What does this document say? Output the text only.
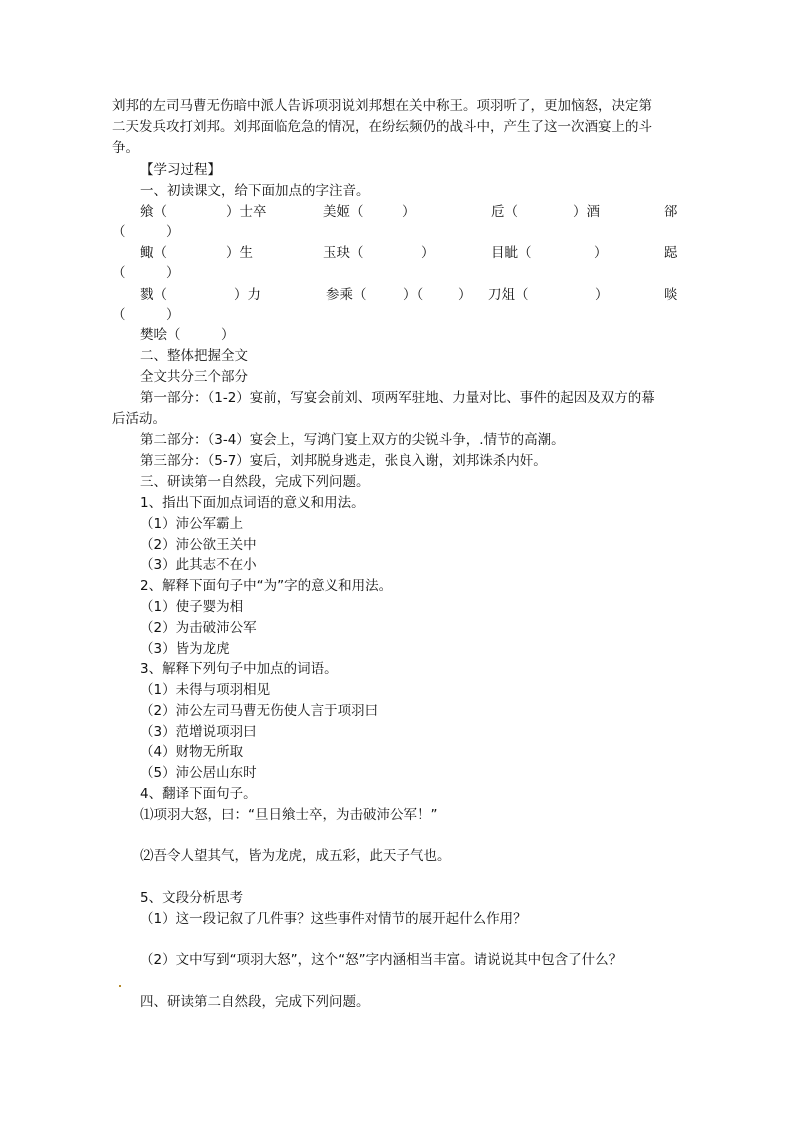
刘邦的左司马曹无伤暗中派人告诉项羽说刘邦想在关中称王。项羽听了，更加恼怒，决定第
二天发兵攻打刘邦。刘邦面临危急的情况，在纷纭频仍的战斗中，产生了这一次酒宴上的斗
争。
【学习过程】
一、初读课文，给下面加点的字注音。
飨（	）士卒	美姬（	）	卮（	）酒	郤
（　　　）
鲰（	）生	玉玦（	）	目眦（	）	跽
（　　　）
戮（	）力	参乘（	）（	） 刀俎（	）	啖
（　　　）
樊哙（　　　）
二、整体把握全文
全文共分三个部分
第一部分：（1-2）宴前，写宴会前刘、项两军驻地、力量对比、事件的起因及双方的幕
后活动。
第二部分：（3-4）宴会上，写鸿门宴上双方的尖锐斗争，.情节的高潮。
第三部分：（5-7）宴后，刘邦脱身逃走，张良入谢，刘邦诛杀内奸。
三、研读第一自然段，完成下列问题。
1、指出下面加点词语的意义和用法。
（1）沛公军霸上
（2）沛公欲王关中
（3）此其志不在小
2、解释下面句子中“为”字的意义和用法。
（1）使子婴为相
（2）为击破沛公军
（3）皆为龙虎
3、解释下列句子中加点的词语。
（1）未得与项羽相见
（2）沛公左司马曹无伤使人言于项羽曰
（3）范增说项羽曰
（4）财物无所取
（5）沛公居山东时
4、翻译下面句子。
⑴项羽大怒，曰：“旦日飨士卒，为击破沛公军！”
⑵吾令人望其气，皆为龙虎，成五彩，此天子气也。
5、文段分析思考
（1）这一段记叙了几件事？这些事件对情节的展开起什么作用？
（2）文中写到“项羽大怒”，这个“怒”字内涵相当丰富。请说说其中包含了什么？
四、研读第二自然段，完成下列问题。
